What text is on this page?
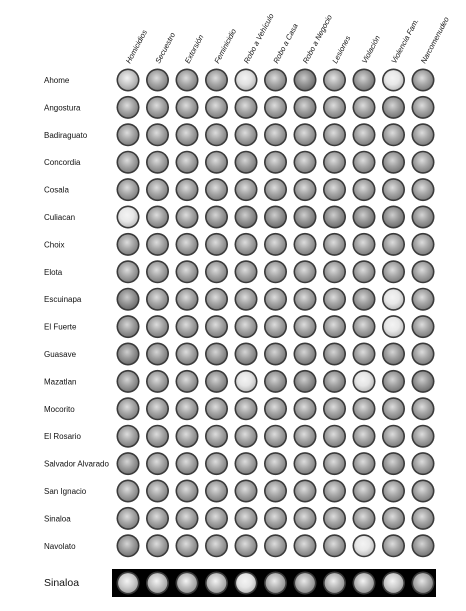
Homicidios Secuestro Extorsión Feminicidio Robo a Vehículo
Robo a Casa Robo a Negocio
Lesiones Violación Violencia Fam.
Narcomenudeo
Ahome
Angostura
Badiraguato
Concordia
Cosala
Culiacan
Choix
Elota
Escuinapa
El Fuerte
Guasave
Mazatlan
Mocorito
El Rosario
Salvador Alvarado
San Ignacio
Sinaloa
Navolato
Sinaloa
